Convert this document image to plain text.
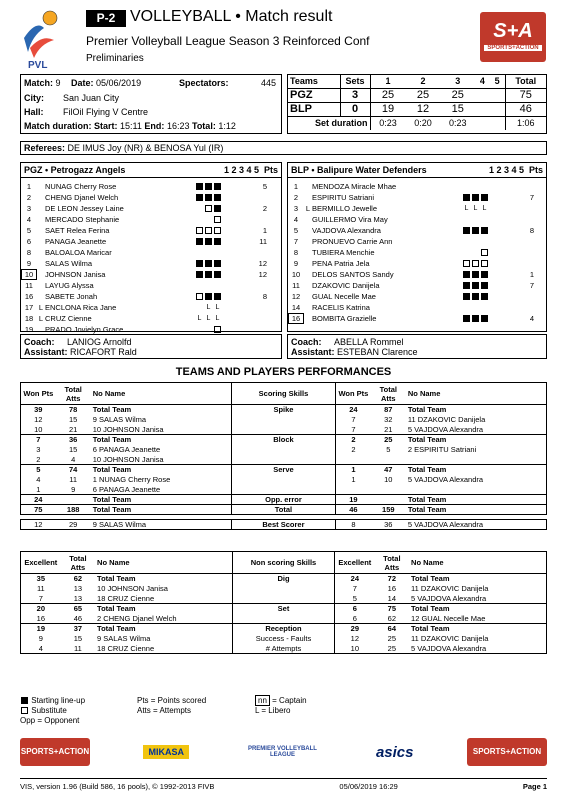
PVL
P-2 VOLLEYBALL • Match result
Premier Volleyball League Season 3 Reinforced Conf
Preliminaries
S+A
SPORTS+ACTION
Match: 9 Date: 05/06/2019	Spectators:	445
City: San Juan City
Hall: FilOil Flying V Centre
Match duration: Start: 15:11 End: 16:23 Total: 1:12
Teams	Sets	1	2	3	4	5	Total
PGZ	3	25	25	25			75
BLP	0	19	12	15			46
Set duration		0:23	0:20	0:23			1:06
Referees: DE IMUS Joy (NR) & BENOSA Yul (IR)
PGZ • Petrogazz Angels	1 2 3 4 5 Pts
1	NUNAG Cherry Rose	5
2	CHENG Djanel Welch
3	DE LEON Jessey Laine	2
4	MERCADO Stephanie
5	SAET Relea Ferina	1
6	PANAGA Jeanette	11
8	BALOALOA Maricar
9	SALAS Wilma	12
10	JOHNSON Janisa	12
11	LAYUG Alyssa
16	SABETE Jonah	8
17 L ENCLONA Rica Jane	L L
18 L CRUZ Cienne	L L L
19	PRADO Jovielyn Grace
Coach: LANIOG Arnolfd
Assistant: RICAFORT Rald
BLP • Balipure Water Defenders	1 2 3 4 5 Pts
1	MENDOZA Miracle Mhae
2	ESPIRITU Satriani	7
3	L BERMILLO Jewelle	L L L
4	GUILLERMO Vira May
5	VAJDOVA Alexandra	8
7	PRONUEVO Carrie Ann
8	TUBIERA Menchie
9	PENA Patria Jela
10	DELOS SANTOS Sandy	1
11	DZAKOVIC Danijela	7
12	GUAL Necelle Mae
14	RACELIS Katrina
16	BOMBITA Grazielle	4
Coach: ABELLA Rommel
Assistant: ESTEBAN Clarence
TEAMS AND PLAYERS PERFORMANCES
Won Pts	Total Atts	No Name	Scoring Skills	Won Pts	Total Atts	No Name
39	78	Total Team	Spike	24	87	Total Team
12	15	9 SALAS Wilma		7	32	11 DZAKOVIC Danijela
10	21	10 JOHNSON Janisa		7	21	5 VAJDOVA Alexandra
7	36	Total Team	Block	2	25	Total Team
3	15	6 PANAGA Jeanette		2	5	2 ESPIRITU Satriani
2	4	10 JOHNSON Janisa				
5	74	Total Team	Serve	1	47	Total Team
4	11	1 NUNAG Cherry Rose		1	10	5 VAJDOVA Alexandra
1	9	6 PANAGA Jeanette				
24		Total Team	Opp. error	19		Total Team
75	188	Total Team	Total	46	159	Total Team
12	29	9 SALAS Wilma	Best Scorer	8	36	5 VAJDOVA Alexandra
Excellent	Total Atts	No Name	Non scoring Skills	Excellent	Total Atts	No Name
35	62	Total Team	Dig	24	72	Total Team
11	13	10 JOHNSON Janisa		7	16	11 DZAKOVIC Danijela
7	13	18 CRUZ Cienne		5	14	5 VAJDOVA Alexandra
20	65	Total Team	Set	6	75	Total Team
16	46	2 CHENG Djanel Welch		6	62	12 GUAL Necelle Mae
19	37	Total Team	Reception	29	64	Total Team
9	15	9 SALAS Wilma	Success - Faults	12	25	11 DZAKOVIC Danijela
4	11	18 CRUZ Cienne	# Attempts	10	25	5 VAJDOVA Alexandra
Starting line-up
Substitute
Opp = Opponent
Pts = Points scored
Atts = Attempts
nn = Captain
L = Libero
SPORTS+ACTION	MIKASA	PREMIER VOLLEYBALL LEAGUE	asics	SPORTS+ACTION HD
VIS, version 1.96 (Build 586, 16 pools), © 1992-2013 FIVB	05/06/2019 16:29	Page 1
